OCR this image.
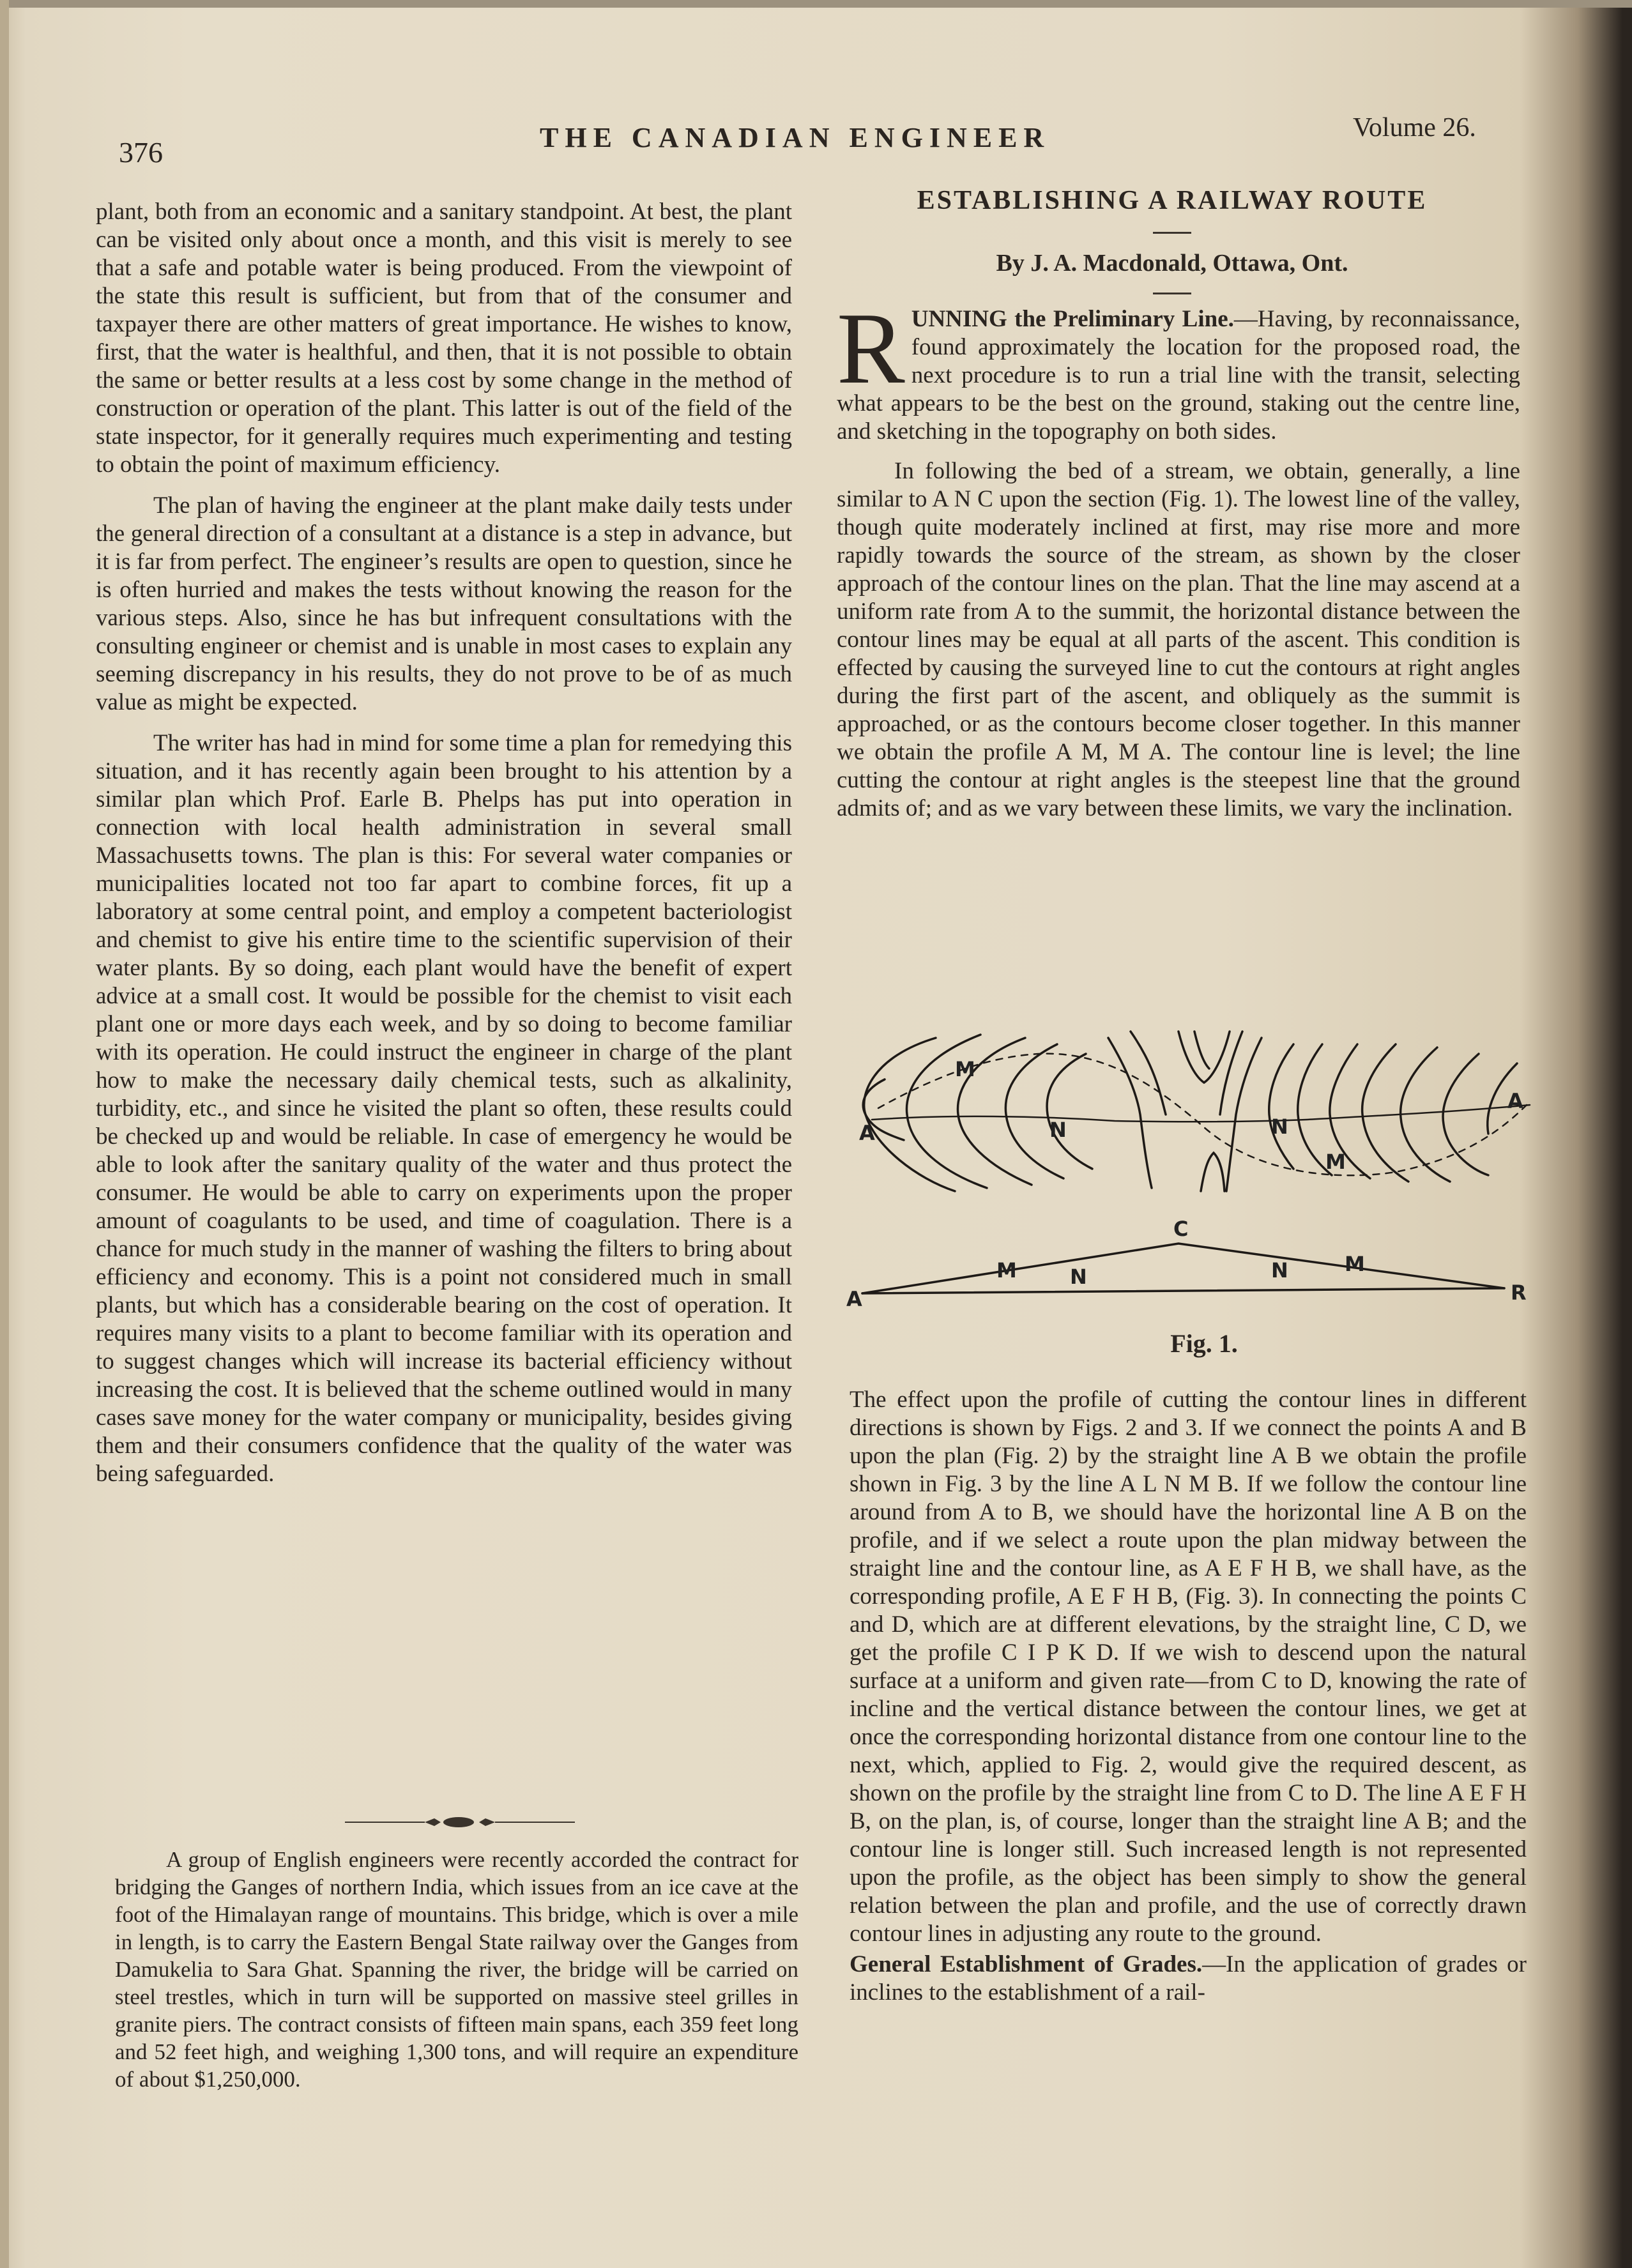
376	THE CANADIAN ENGINEER	Volume 26.

plant, both from an economic and a sanitary standpoint. At best, the plant can be visited only about once a month, and this visit is merely to see that a safe and potable water is being produced. From the viewpoint of the state this result is sufficient, but from that of the consumer and taxpayer there are other matters of great importance. He wishes to know, first, that the water is healthful, and then, that it is not possible to obtain the same or better results at a less cost by some change in the method of construction or operation of the plant. This latter is out of the field of the state inspector, for it generally requires much experimenting and testing to obtain the point of maximum efficiency.

The plan of having the engineer at the plant make daily tests under the general direction of a consultant at a distance is a step in advance, but it is far from perfect. The engineer’s results are open to question, since he is often hurried and makes the tests without knowing the reason for the various steps. Also, since he has but infrequent consultations with the consulting engineer or chemist and is unable in most cases to explain any seeming discrepancy in his results, they do not prove to be of as much value as might be expected.

The writer has had in mind for some time a plan for remedying this situation, and it has recently again been brought to his attention by a similar plan which Prof. Earle B. Phelps has put into operation in connection with local health administration in several small Massachusetts towns. The plan is this: For several water companies or municipalities located not too far apart to combine forces, fit up a laboratory at some central point, and employ a competent bacteriologist and chemist to give his entire time to the scientific supervision of their water plants. By so doing, each plant would have the benefit of expert advice at a small cost. It would be possible for the chemist to visit each plant one or more days each week, and by so doing to become familiar with its operation. He could instruct the engineer in charge of the plant how to make the necessary daily chemical tests, such as alkalinity, turbidity, etc., and since he visited the plant so often, these results could be checked up and would be reliable. In case of emergency he would be able to look after the sanitary quality of the water and thus protect the consumer. He would be able to carry on experiments upon the proper amount of coagulants to be used, and time of coagulation. There is a chance for much study in the manner of washing the filters to bring about efficiency and economy. This is a point not considered much in small plants, but which has a considerable bearing on the cost of operation. It requires many visits to a plant to become familiar with its operation and to suggest changes which will increase its bacterial efficiency without increasing the cost. It is believed that the scheme outlined would in many cases save money for the water company or municipality, besides giving them and their consumers confidence that the quality of the water was being safeguarded.

A group of English engineers were recently accorded the contract for bridging the Ganges of northern India, which issues from an ice cave at the foot of the Himalayan range of mountains. This bridge, which is over a mile in length, is to carry the Eastern Bengal State railway over the Ganges from Damukelia to Sara Ghat. Spanning the river, the bridge will be carried on steel trestles, which in turn will be supported on massive steel grilles in granite piers. The contract consists of fifteen main spans, each 359 feet long and 52 feet high, and weighing 1,300 tons, and will require an expenditure of about $1,250,000.

ESTABLISHING A RAILWAY ROUTE
By J. A. Macdonald, Ottawa, Ont.

RUNNING the Preliminary Line.—Having, by reconnaissance, found approximately the location for the proposed road, the next procedure is to run a trial line with the transit, selecting what appears to be the best on the ground, staking out the centre line, and sketching in the topography on both sides.

In following the bed of a stream, we obtain, generally, a line similar to A N C upon the section (Fig. 1). The lowest line of the valley, though quite moderately inclined at first, may rise more and more rapidly towards the source of the stream, as shown by the closer approach of the contour lines on the plan. That the line may ascend at a uniform rate from A to the summit, the horizontal distance between the contour lines may be equal at all parts of the ascent. This condition is effected by causing the surveyed line to cut the contours at right angles during the first part of the ascent, and obliquely as the summit is approached, or as the contours become closer together. In this manner we obtain the profile A M, M A. The contour line is level; the line cutting the contour at right angles is the steepest line that the ground admits of; and as we vary between these limits, we vary the inclination.

A
M
N	N
M
A
A
M	N
C
N	M
R
Fig. 1.

The effect upon the profile of cutting the contour lines in different directions is shown by Figs. 2 and 3. If we connect the points A and B upon the plan (Fig. 2) by the straight line A B we obtain the profile shown in Fig. 3 by the line A L N M B. If we follow the contour line around from A to B, we should have the horizontal line A B on the profile, and if we select a route upon the plan midway between the straight line and the contour line, as A E F H B, we shall have, as the corresponding profile, A E F H B, (Fig. 3). In connecting the points C and D, which are at different elevations, by the straight line, C D, we get the profile C I P K D. If we wish to descend upon the natural surface at a uniform and given rate—from C to D, knowing the rate of incline and the vertical distance between the contour lines, we get at once the corresponding horizontal distance from one contour line to the next, which, applied to Fig. 2, would give the required descent, as shown on the profile by the straight line from C to D. The line A E F H B, on the plan, is, of course, longer than the straight line A B; and the contour line is longer still. Such increased length is not represented upon the profile, as the object has been simply to show the general relation between the plan and profile, and the use of correctly drawn contour lines in adjusting any route to the ground.

General Establishment of Grades.—In the application of grades or inclines to the establishment of a rail-
